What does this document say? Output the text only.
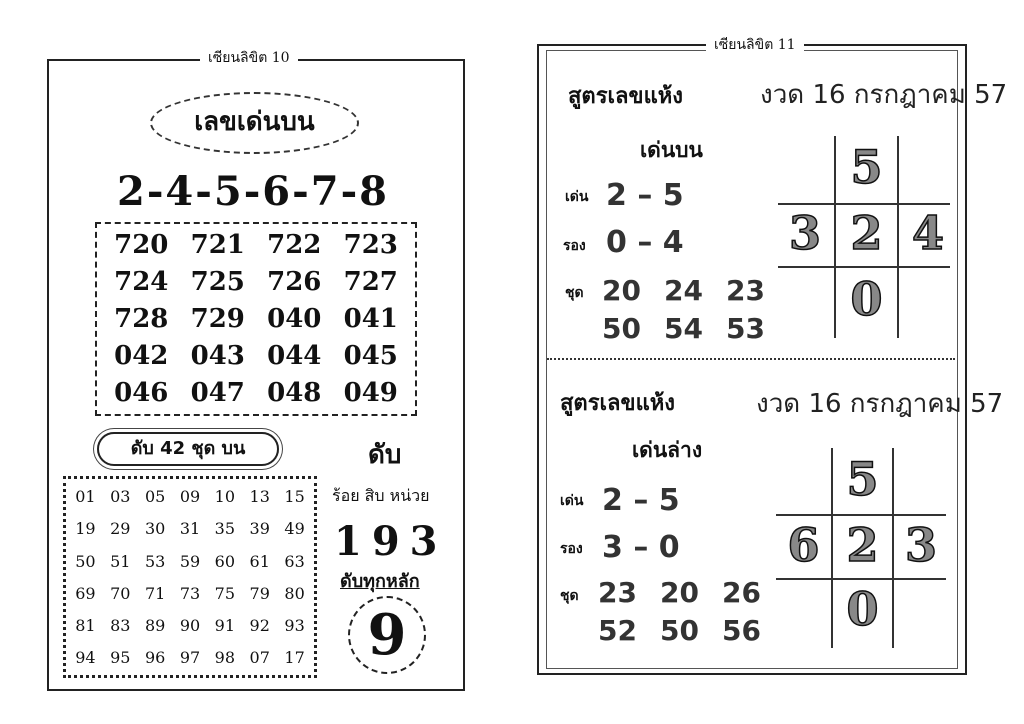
เซียนลิขิต 10
เลขเด่นบน
2-4-5-6-7-8
720 721 722 723
724 725 726 727
728 729 040 041
042 043 044 045
046 047 048 049
ดับ 42 ชุด บน
01 03 05 09 10 13 15
19 29 30 31 35 39 49
50 51 53 59 60 61 63
69 70 71 73 75 79 80
81 83 89 90 91 92 93
94 95 96 97 98 07 17
ดับ
ร้อย สิบ หน่วย
193
ดับทุกหลัก
9
เซียนลิขิต 11
สูตรเลขแห้ง	งวด 16 กรกฎาคม 57
เด่นบน
เด่น 2 – 5
รอง 0 – 4
ชุด 20 24 23
50 54 53
5
3 2 4
0
สูตรเลขแห้ง	งวด 16 กรกฎาคม 57
เด่นล่าง
เด่น 2 – 5
รอง 3 – 0
ชุด 23 20 26
52 50 56
5
6 2 3
0
